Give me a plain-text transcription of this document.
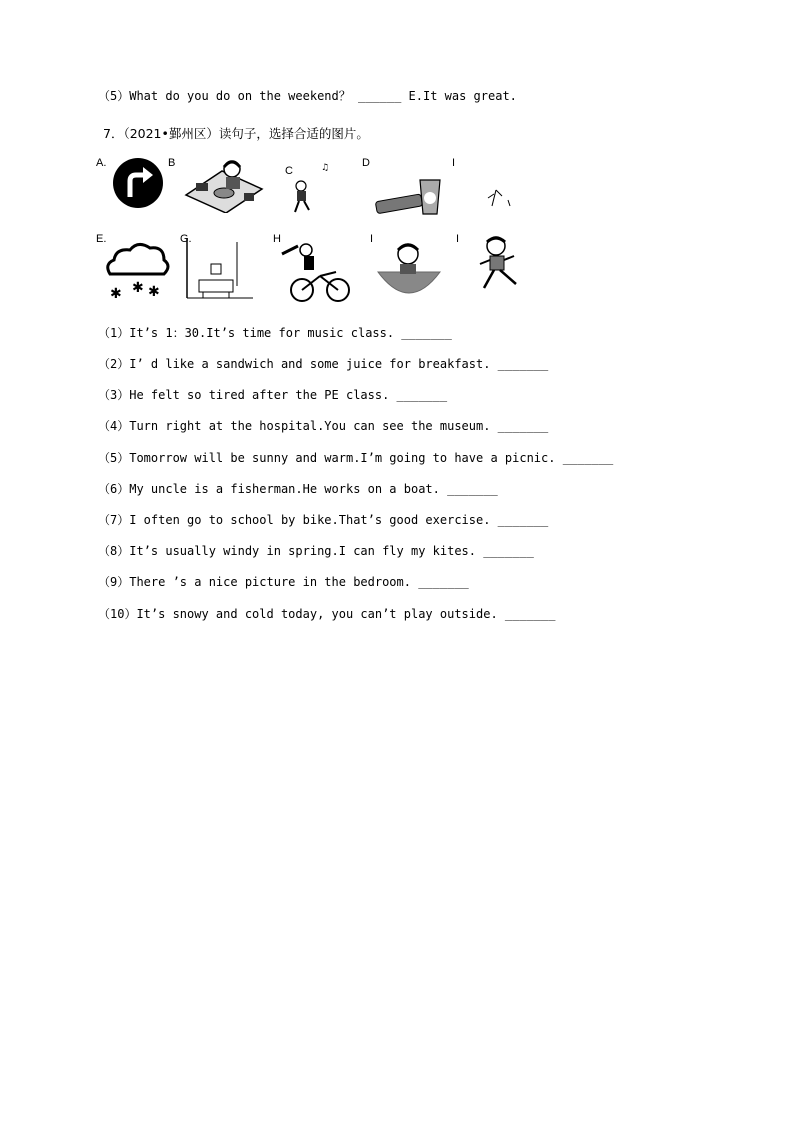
（5）What do you do on the weekend？ ______ E.It was great.
7．（2021•鄞州区）读句子，选择合适的图片。
A.	B
C	♫	D	I
E.
✱ ✱ ✱
G.	H	I	I
（1）It’s 1：30.It’s time for music class. _______
（2）I’ d like a sandwich and some juice for breakfast. _______
（3）He felt so tired after the PE class. _______
（4）Turn right at the hospital.You can see the museum. _______
（5）Tomorrow will be sunny and warm.I’m going to have a picnic. _______
（6）My uncle is a fisherman.He works on a boat. _______
（7）I often go to school by bike.That’s good exercise. _______
（8）It’s usually windy in spring.I can fly my kites. _______
（9）There ’s a nice picture in the bedroom. _______
（10）It’s snowy and cold today, you can’t play outside. _______
